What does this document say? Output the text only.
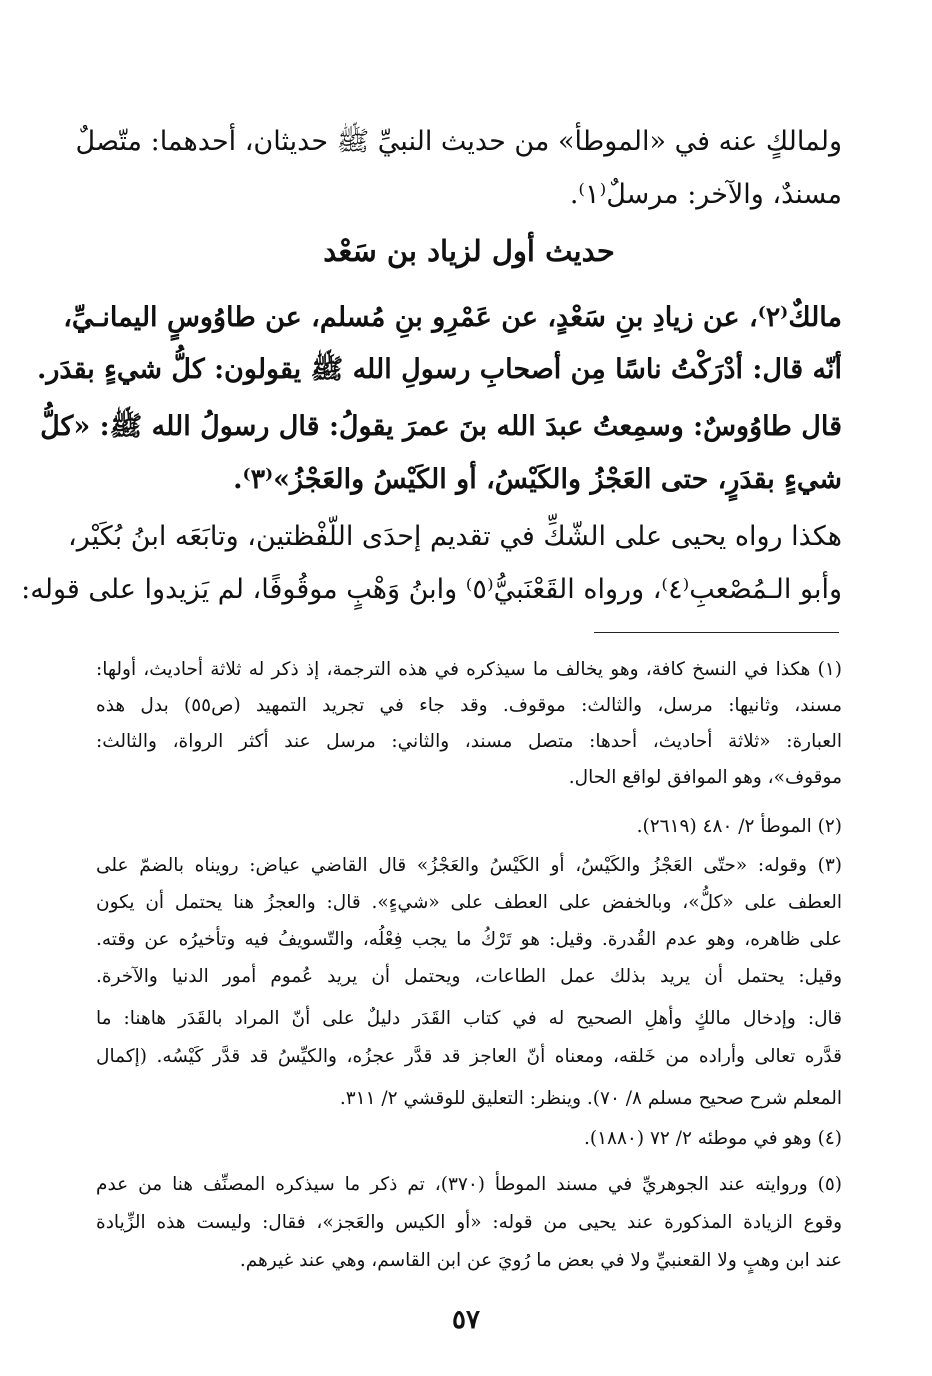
ولمالكٍ عنه في «الموطأ» من حديث النبيِّ ﷺ حديثان، أحدهما: متّصلٌ
مسندٌ، والآخر: مرسلٌ⁽١⁾.
حديث أول لزياد بن سَعْد
مالكٌ⁽٢⁾، عن زيادِ بنِ سَعْدٍ، عن عَمْرِو بنِ مُسلم، عن طاوُوسٍ اليمانـيِّ،
أنّه قال: أدْرَكْتُ ناسًا مِن أصحابِ رسولِ الله ﷺ يقولون: كلُّ شيءٍ بقدَر.
قال طاوُوسٌ: وسمِعتُ عبدَ الله بنَ عمرَ يقولُ: قال رسولُ الله ﷺ: «كلُّ
شيءٍ بقدَرٍ، حتى العَجْزُ والكَيْسُ، أو الكَيْسُ والعَجْزُ»⁽٣⁾.
هكذا رواه يحيى على الشّكِّ في تقديم إحدَى اللّفْظتين، وتابَعَه ابنُ بُكَيْر،
وأبو الـمُصْعبِ⁽٤⁾، ورواه القَعْنَبيُّ⁽٥⁾ وابنُ وَهْبٍ موقُوفًا، لم يَزيدوا على قوله:
(١) هكذا في النسخ كافة، وهو يخالف ما سيذكره في هذه الترجمة، إذ ذكر له ثلاثة أحاديث، أولها:
مسند، وثانيها: مرسل، والثالث: موقوف. وقد جاء في تجريد التمهيد (ص٥٥) بدل هذه
العبارة: «ثلاثة أحاديث، أحدها: متصل مسند، والثاني: مرسل عند أكثر الرواة، والثالث:
موقوف»، وهو الموافق لواقع الحال.
(٢) الموطأ ٢/ ٤٨٠ (٢٦١٩).
(٣) وقوله: «حتّى العَجْزُ والكَيْسُ، أو الكَيْسُ والعَجْزُ» قال القاضي عياض: رويناه بالضمّ على
العطف على «كلُّ»، وبالخفض على العطف على «شيءٍ». قال: والعجزُ هنا يحتمل أن يكون
على ظاهره، وهو عدم القُدرة. وقيل: هو تَرْكُ ما يجب فِعْلُه، والتّسويفُ فيه وتأخيرُه عن وقته.
وقيل: يحتمل أن يريد بذلك عمل الطاعات، ويحتمل أن يريد عُموم أمور الدنيا والآخرة.
قال: وإدخال مالكٍ وأهلِ الصحيح له في كتاب القَدَر دليلٌ على أنّ المراد بالقَدَر هاهنا: ما
قدَّره تعالى وأراده من خَلقه، ومعناه أنّ العاجز قد قدَّر عجزُه، والكيِّسُ قد قدَّر كَيْسُه. (إكمال
المعلم شرح صحيح مسلم ٨/ ٧٠). وينظر: التعليق للوقشي ٢/ ٣١١.
(٤) وهو في موطئه ٢/ ٧٢ (١٨٨٠).
(٥) وروايته عند الجوهريِّ في مسند الموطأ (٣٧٠)، تم ذكر ما سيذكره المصنِّف هنا من عدم
وقوع الزيادة المذكورة عند يحيى من قوله: «أو الكيس والعَجز»، فقال: وليست هذه الزِّيادة
عند ابن وهبٍ ولا القعنبيِّ ولا في بعض ما رُويَ عن ابن القاسم، وهي عند غيرهم.
٥٧
